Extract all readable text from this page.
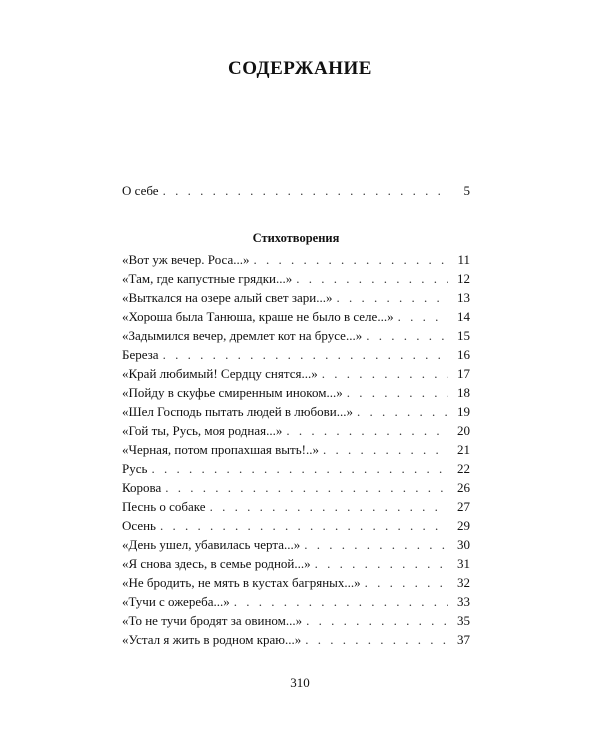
СОДЕРЖАНИЕ
О себе . . .	5
Стихотворения
«Вот уж вечер. Роса...» . . .	11
«Там, где капустные грядки...» . . .	12
«Выткался на озере алый свет зари...» . . .	13
«Хороша была Танюша, краше не было в селе...» . . .	14
«Задымился вечер, дремлет кот на брусе...» . . .	15
Береза . . .	16
«Край любимый! Сердцу снятся...» . . .	17
«Пойду в скуфье смиренным иноком...» . . .	18
«Шел Господь пытать людей в любови...» . . .	19
«Гой ты, Русь, моя родная...» . . .	20
«Черная, потом пропахшая выть!..» . . .	21
Русь . . .	22
Корова . . .	26
Песнь о собаке . . .	27
Осень . . .	29
«День ушел, убавилась черта...» . . .	30
«Я снова здесь, в семье родной...» . . .	31
«Не бродить, не мять в кустах багряных...» . . .	32
«Тучи с ожереба...» . . .	33
«То не тучи бродят за овином...» . . .	35
«Устал я жить в родном краю...» . . .	37
310
